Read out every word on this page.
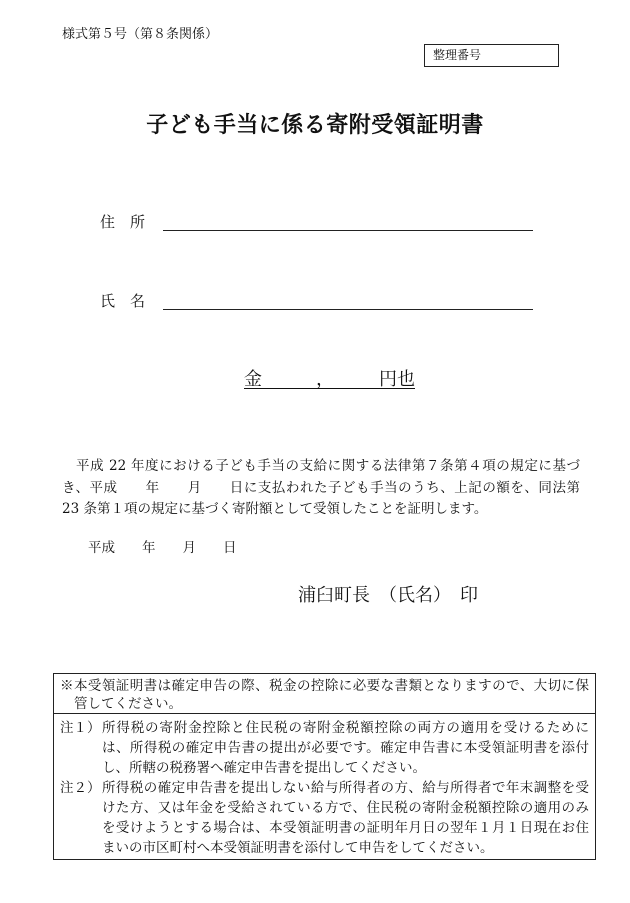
様式第５号（第８条関係）
整理番号
子ども手当に係る寄附受領証明書
住　所
氏　名
金　　　，　　　円也
　平成 22 年度における子ども手当の支給に関する法律第７条第４項の規定に基づ
き、平成　　年　　月　　日に支払われた子ども手当のうち、上記の額を、同法第
23 条第１項の規定に基づく寄附額として受領したことを証明します。
平成　　年　　月　　日
浦臼町長　（氏名）　印
※本受領証明書は確定申告の際、税金の控除に必要な書類となりますので、大切に保
管してください。
注１） 所得税の寄附金控除と住民税の寄附金税額控除の両方の適用を受けるために
は、所得税の確定申告書の提出が必要です。確定申告書に本受領証明書を添付
し、所轄の税務署へ確定申告書を提出してください。
注２） 所得税の確定申告書を提出しない給与所得者の方、給与所得者で年末調整を受
けた方、又は年金を受給されている方で、住民税の寄附金税額控除の適用のみ
を受けようとする場合は、本受領証明書の証明年月日の翌年１月１日現在お住
まいの市区町村へ本受領証明書を添付して申告をしてください。
